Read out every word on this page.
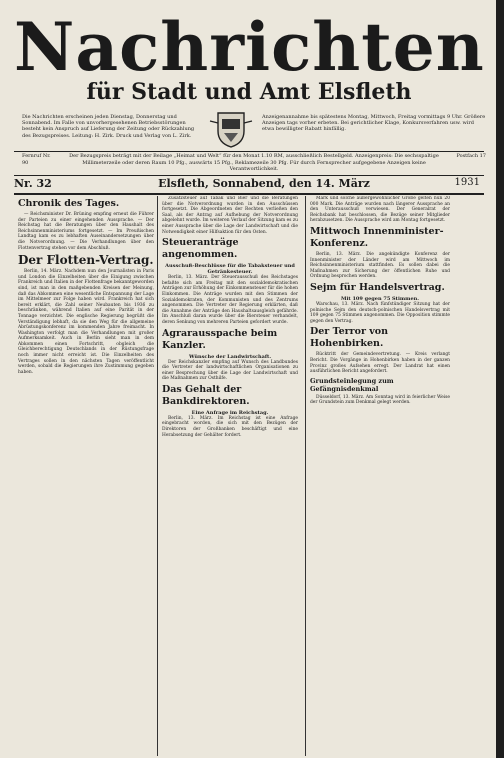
Nachrichten
für Stadt und Amt Elsfleth
Die Nachrichten erscheinen jeden Dienstag, Donnerstag und Sonnabend. Im Falle von unvorhergesehenen Betriebsstörungen besteht kein Anspruch auf Lieferung der Zeitung oder Rückzahlung des Bezugspreises. Leitung: H. Zirk. Druck und Verlag von L. Zirk.
Anzeigenannahme bis spätestens Montag, Mittwoch, Freitag vormittags 9 Uhr. Größere Anzeigen tags vorher erbeten. Bei gerichtlicher Klage, Konkursverfahren usw. wird etwa bewilligter Rabatt hinfällig.
Fernruf Nr. 90
Der Bezugspreis beträgt mit der Beilage „Heimat und Welt“ für den Monat 1.10 RM, ausschließlich Bestellgeld. Anzeigenpreis: Die sechsspaltige Millimeterzeile oder deren Raum 10 Pfg., auswärts 15 Pfg., Reklamezeile 30 Pfg. Für durch Fernsprecher aufgegebene Anzeigen keine Verantwortlichkeit.
Postfach 17
Nr. 32	Elsfleth, Sonnabend, den 14. März	1931
Chronik des Tages.
— Reichsminister Dr. Brüning empfing erneut die Führer der Parteien zu einer eingehenden Aussprache. — Der Reichstag hat die Beratungen über den Haushalt des Reichsinnenministeriums fortgesetzt. — Im Preußischen Landtag kam es zu lebhaften Auseinandersetzungen über die Notverordnung. — Die Verhandlungen über den Flottenvertrag stehen vor dem Abschluß.
Der Flotten-Vertrag.
Berlin, 14. März. Nachdem nun den Journalisten in Paris und London die Einzelheiten über die Einigung zwischen Frankreich und Italien in der Flottenfrage bekanntgeworden sind, ist man in den maßgebenden Kreisen der Meinung, daß das Abkommen eine wesentliche Entspannung der Lage im Mittelmeer zur Folge haben wird. Frankreich hat sich bereit erklärt, die Zahl seiner Neubauten bis 1936 zu beschränken, während Italien auf eine Parität in der Tonnage verzichtet. Die englische Regierung begrüßt die Verständigung lebhaft, da sie den Weg für die allgemeine Abrüstungskonferenz im kommenden Jahre freimacht. In Washington verfolgt man die Verhandlungen mit großer Aufmerksamkeit. Auch in Berlin sieht man in dem Abkommen einen Fortschritt, obgleich die Gleichberechtigung Deutschlands in der Rüstungsfrage noch immer nicht erreicht ist. Die Einzelheiten des Vertrages sollen in den nächsten Tagen veröffentlicht werden, sobald die Regierungen ihre Zustimmung gegeben haben.
Zusatzsteuer auf Tabak und Bier und die Beratungen über die Notverordnung wurden in den Ausschüssen fortgesetzt. Die Abgeordneten der Rechten verließen den Saal, als der Antrag auf Aufhebung der Notverordnung abgelehnt wurde. Im weiteren Verlauf der Sitzung kam es zu einer Aussprache über die Lage der Landwirtschaft und die Notwendigkeit einer Hilfsaktion für den Osten.
Steueranträge angenommen.
Ausschuß-Beschlüsse für die Tabaksteuer und Getränkesteuer.
Berlin, 13. März. Der Steuerausschuß des Reichstages befaßte sich am Freitag mit den sozialdemokratischen Anträgen zur Erhöhung der Einkommensteuer für die hohen Einkommen. Die Anträge wurden mit den Stimmen der Sozialdemokraten, der Kommunisten und des Zentrums angenommen. Die Vertreter der Regierung erklärten, daß die Annahme der Anträge den Haushaltsausgleich gefährde. Im Anschluß daran wurde über die Biersteuer verhandelt, deren Senkung von mehreren Parteien gefordert wurde.
Agrarausspache beim Kanzler.
Wünsche der Landwirtschaft.
Der Reichskanzler empfing auf Wunsch des Landbundes die Vertreter der landwirtschaftlichen Organisationen zu einer Besprechung über die Lage der Landwirtschaft und die Maßnahmen zur Osthilfe.
Das Gehalt der Bankdirektoren.
Eine Anfrage im Reichstag.
Berlin, 13. März. Im Reichstag ist eine Anfrage eingebracht worden, die sich mit den Bezügen der Direktoren der Großbanken beschäftigt und eine Herabsetzung der Gehälter fordert.
Mark und solche außergewöhnlicher Größe gelten nun 20 000 Mark. Die Anträge wurden nach längerer Aussprache an den Unterausschuß verwiesen. Der Generalrat der Reichsbank hat beschlossen, die Bezüge seiner Mitglieder herabzusetzen. Die Aussprache wird am Montag fortgesetzt.
Mittwoch Innenminister-Konferenz.
Berlin, 13. März. Die angekündigte Konferenz der Innenminister der Länder wird am Mittwoch im Reichsinnenministerium stattfinden. Es sollen dabei die Maßnahmen zur Sicherung der öffentlichen Ruhe und Ordnung besprochen werden.
Sejm für Handelsvertrag.
Mit 109 gegen 75 Stimmen.
Warschau, 13. März. Nach fünfstündiger Sitzung hat der polnische Sejm den deutsch-polnischen Handelsvertrag mit 109 gegen 75 Stimmen angenommen. Die Opposition stimmte gegen den Vertrag.
Der Terror von Hohenbirken.
Rücktritt der Gemeindevertretung. — Kreis verlangt Bericht. Die Vorgänge in Hohenbirken haben in der ganzen Provinz großes Aufsehen erregt. Der Landrat hat einen ausführlichen Bericht angefordert.
Grundsteinlegung zum Gefängnisdenkmal
Düsseldorf, 13. März. Am Sonntag wird in feierlicher Weise der Grundstein zum Denkmal gelegt werden.
